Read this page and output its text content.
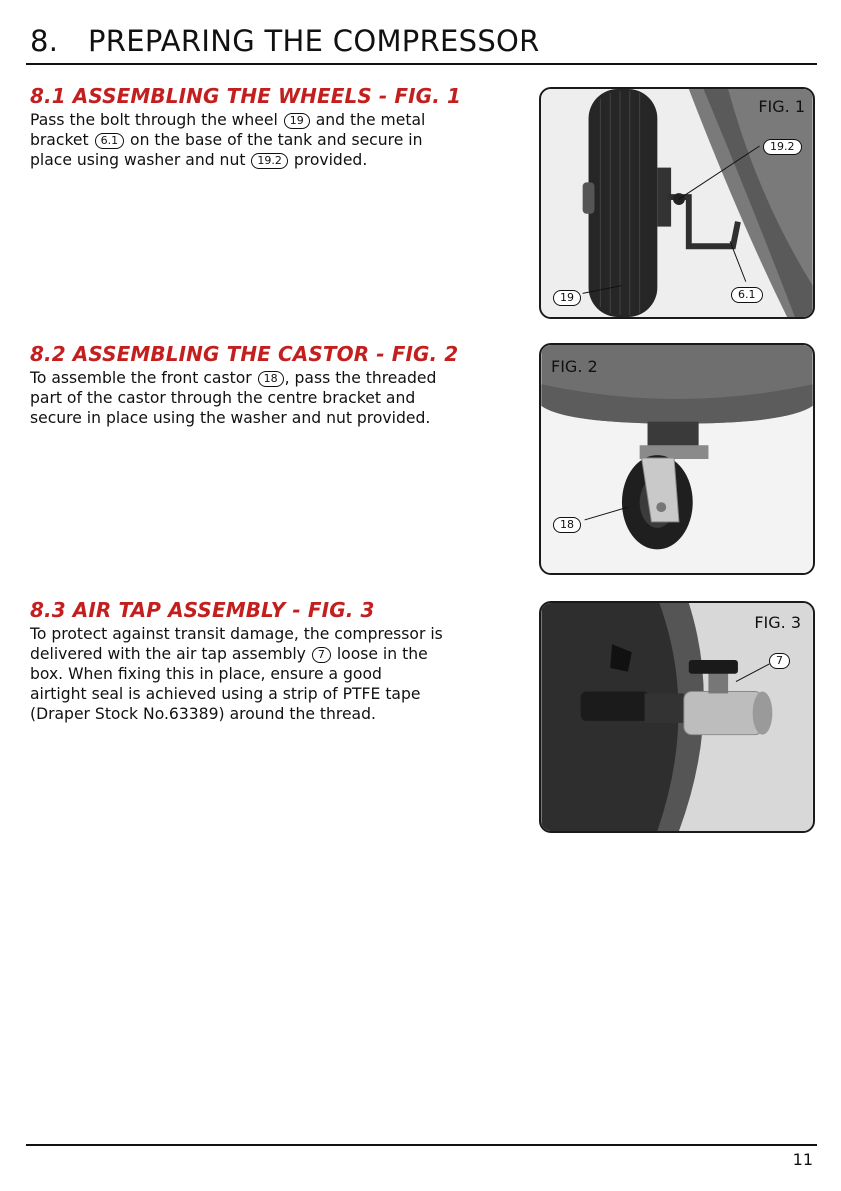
8. PREPARING THE COMPRESSOR
8.1 ASSEMBLING THE WHEELS - FIG. 1

Pass the bolt through the wheel 19 and the metal
bracket 6.1 on the base of the tank and secure in
place using washer and nut 19.2 provided.

8.2 ASSEMBLING THE CASTOR - FIG. 2

To assemble the front castor 18 , pass the threaded
part of the castor through the centre bracket and
secure in place using the washer and nut provided.

8.3 AIR TAP ASSEMBLY - FIG. 3

To protect against transit damage, the compressor is
delivered with the air tap assembly 7 loose in the
box. When fixing this in place, ensure a good
airtight seal is achieved using a strip of PTFE tape
(Draper Stock No.63389) around the thread.

FIG. 1
19.2
6.1
19
FIG. 2
18
FIG. 3
7
11
